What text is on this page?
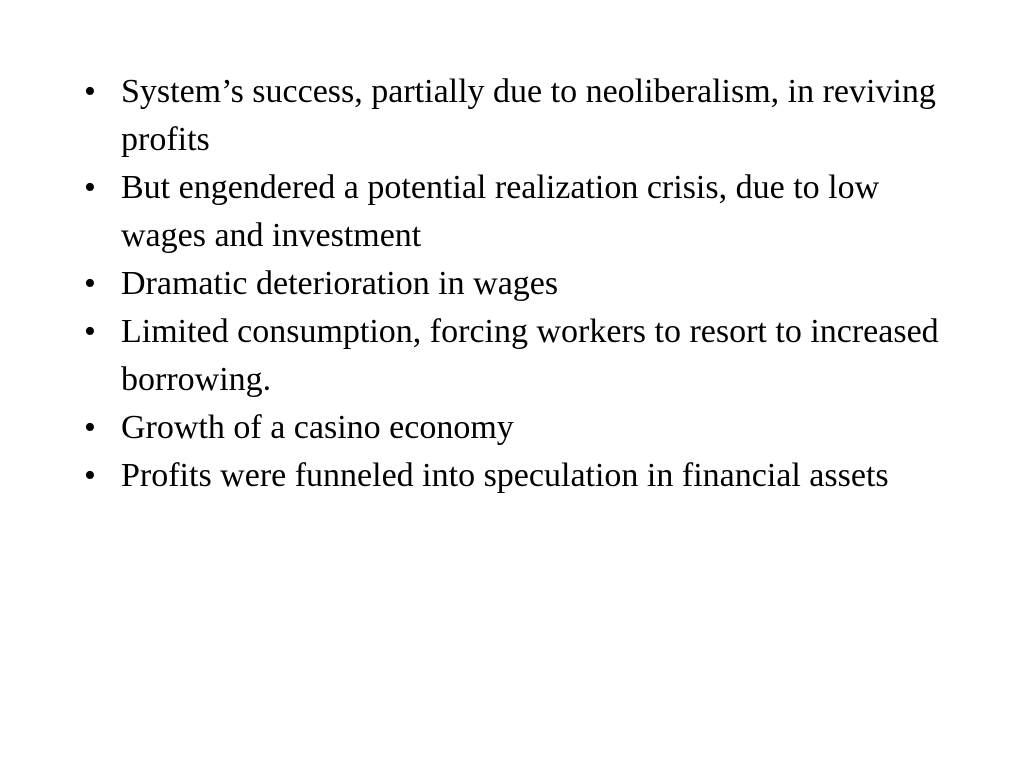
• System’s success, partially due to neoliberalism, in reviving profits
• But engendered a potential realization crisis, due to low wages and investment
• Dramatic deterioration in wages
• Limited consumption, forcing workers to resort to increased borrowing.
• Growth of a casino economy
• Profits were funneled into speculation in financial assets
